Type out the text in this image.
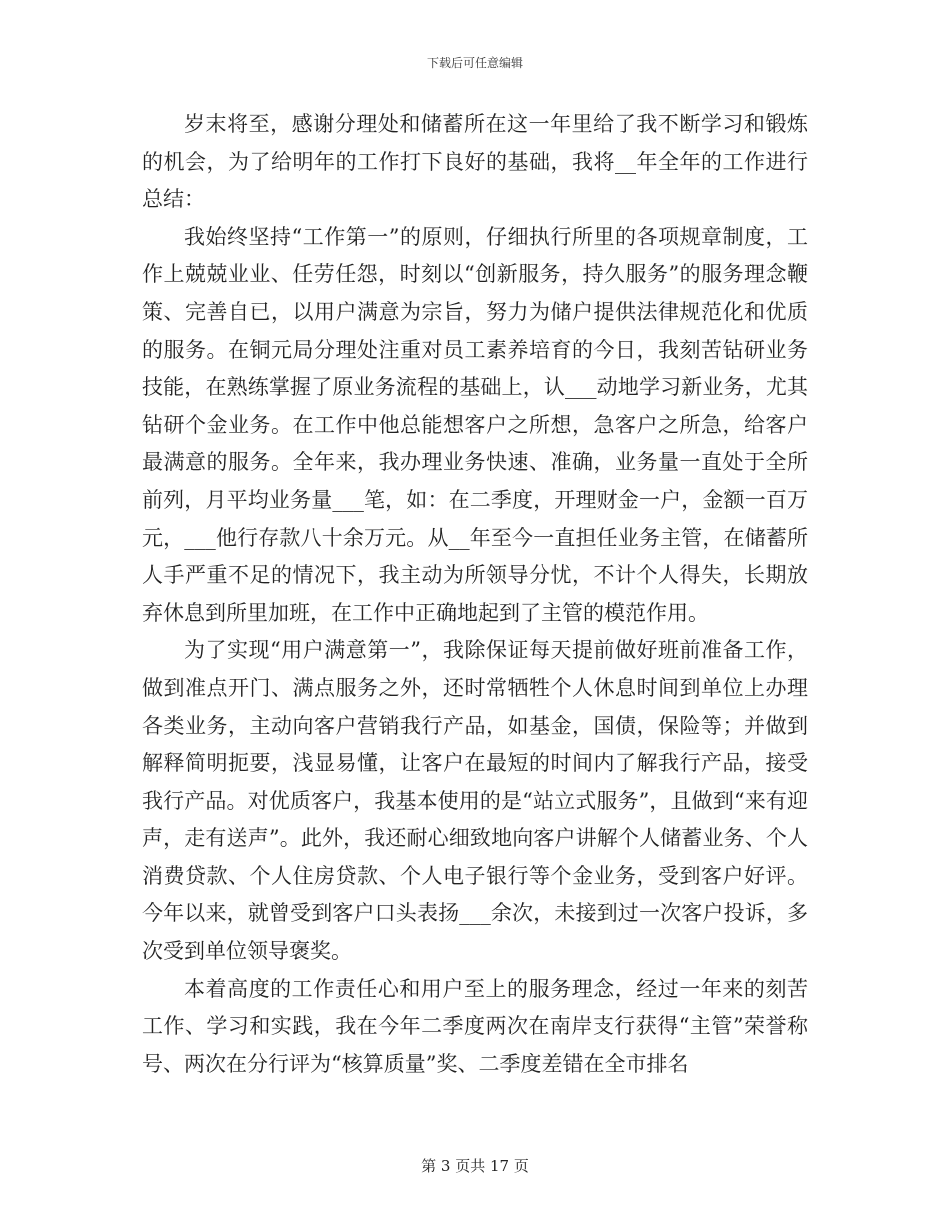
下载后可任意编辑

岁末将至，感谢分理处和储蓄所在这一年里给了我不断学习和锻炼的机会，为了给明年的工作打下良好的基础，我将__年全年的工作进行总结：

我始终坚持“工作第一”的原则，仔细执行所里的各项规章制度，工作上兢兢业业、任劳任怨，时刻以“创新服务，持久服务”的服务理念鞭策、完善自已，以用户满意为宗旨，努力为储户提供法律规范化和优质的服务。在铜元局分理处注重对员工素养培育的今日，我刻苦钻研业务技能，在熟练掌握了原业务流程的基础上，认___动地学习新业务，尤其钻研个金业务。在工作中他总能想客户之所想，急客户之所急，给客户最满意的服务。全年来，我办理业务快速、准确，业务量一直处于全所前列，月平均业务量___笔，如：在二季度，开理财金一户，金额一百万元，___他行存款八十余万元。从__年至今一直担任业务主管，在储蓄所人手严重不足的情况下，我主动为所领导分忧，不计个人得失，长期放弃休息到所里加班，在工作中正确地起到了主管的模范作用。

为了实现“用户满意第一”，我除保证每天提前做好班前准备工作，做到准点开门、满点服务之外，还时常牺牲个人休息时间到单位上办理各类业务，主动向客户营销我行产品，如基金，国债，保险等；并做到解释简明扼要，浅显易懂，让客户在最短的时间内了解我行产品，接受我行产品。对优质客户，我基本使用的是“站立式服务”，且做到“来有迎声，走有送声”。此外，我还耐心细致地向客户讲解个人储蓄业务、个人消费贷款、个人住房贷款、个人电子银行等个金业务，受到客户好评。今年以来，就曾受到客户口头表扬___余次，未接到过一次客户投诉，多次受到单位领导褒奖。

本着高度的工作责任心和用户至上的服务理念，经过一年来的刻苦工作、学习和实践，我在今年二季度两次在南岸支行获得“主管”荣誉称号、两次在分行评为“核算质量”奖、二季度差错在全市排名

第 3 页共 17 页
